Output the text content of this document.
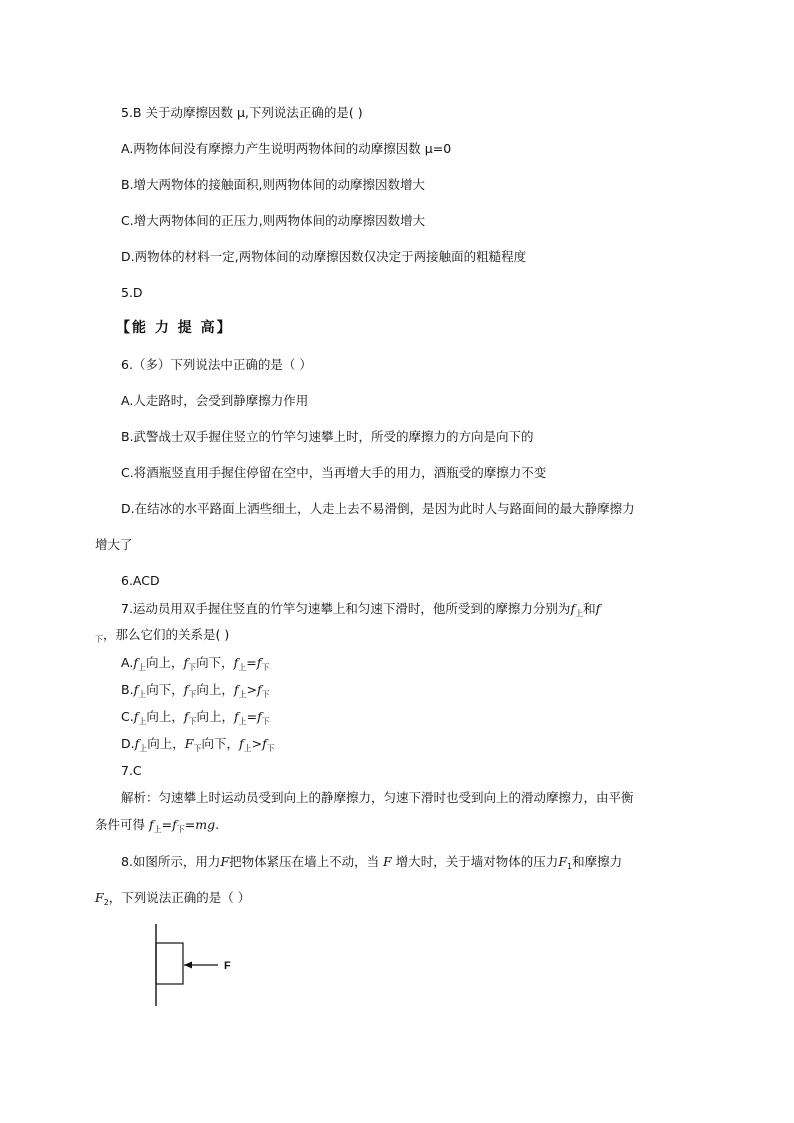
5.B 关于动摩擦因数 μ,下列说法正确的是( )
A.两物体间没有摩擦力产生说明两物体间的动摩擦因数 μ=0
B.增大两物体的接触面积,则两物体间的动摩擦因数增大
C.增大两物体间的正压力,则两物体间的动摩擦因数增大
D.两物体的材料一定,两物体间的动摩擦因数仅决定于两接触面的粗糙程度
5.D
【能 力 提 高】
6.（多）下列说法中正确的是（ ）
A.人走路时，会受到静摩擦力作用
B.武警战士双手握住竖立的竹竿匀速攀上时，所受的摩擦力的方向是向下的
C.将酒瓶竖直用手握住停留在空中，当再增大手的用力，酒瓶受的摩擦力不变
D.在结冰的水平路面上洒些细土，人走上去不易滑倒，是因为此时人与路面间的最大静摩擦力
增大了
6.ACD
7.运动员用双手握住竖直的竹竿匀速攀上和匀速下滑时，他所受到的摩擦力分别为$f_上$和f
$_下$，那么它们的关系是( )
$A.f_上$向上，$f_下$向下，$f_上=f_下$
$B.f_上$向下，$f_下$向上，$f_上>f_下$
$C.f_上$向上，$f_下$向上，$f_上=f_下$
$D.f_上$向上，$F_下$向下，$f_上>f_下$
7.C
解析：匀速攀上时运动员受到向上的静摩擦力，匀速下滑时也受到向上的滑动摩擦力，由平衡
条件可得 $f_上=f_下=mg$.
8.如图所示，用力F把物体紧压在墙上不动，当 F 增大时，关于墙对物体的压力$F_1$和摩擦力
$F_2$，下列说法正确的是（ ）
F
